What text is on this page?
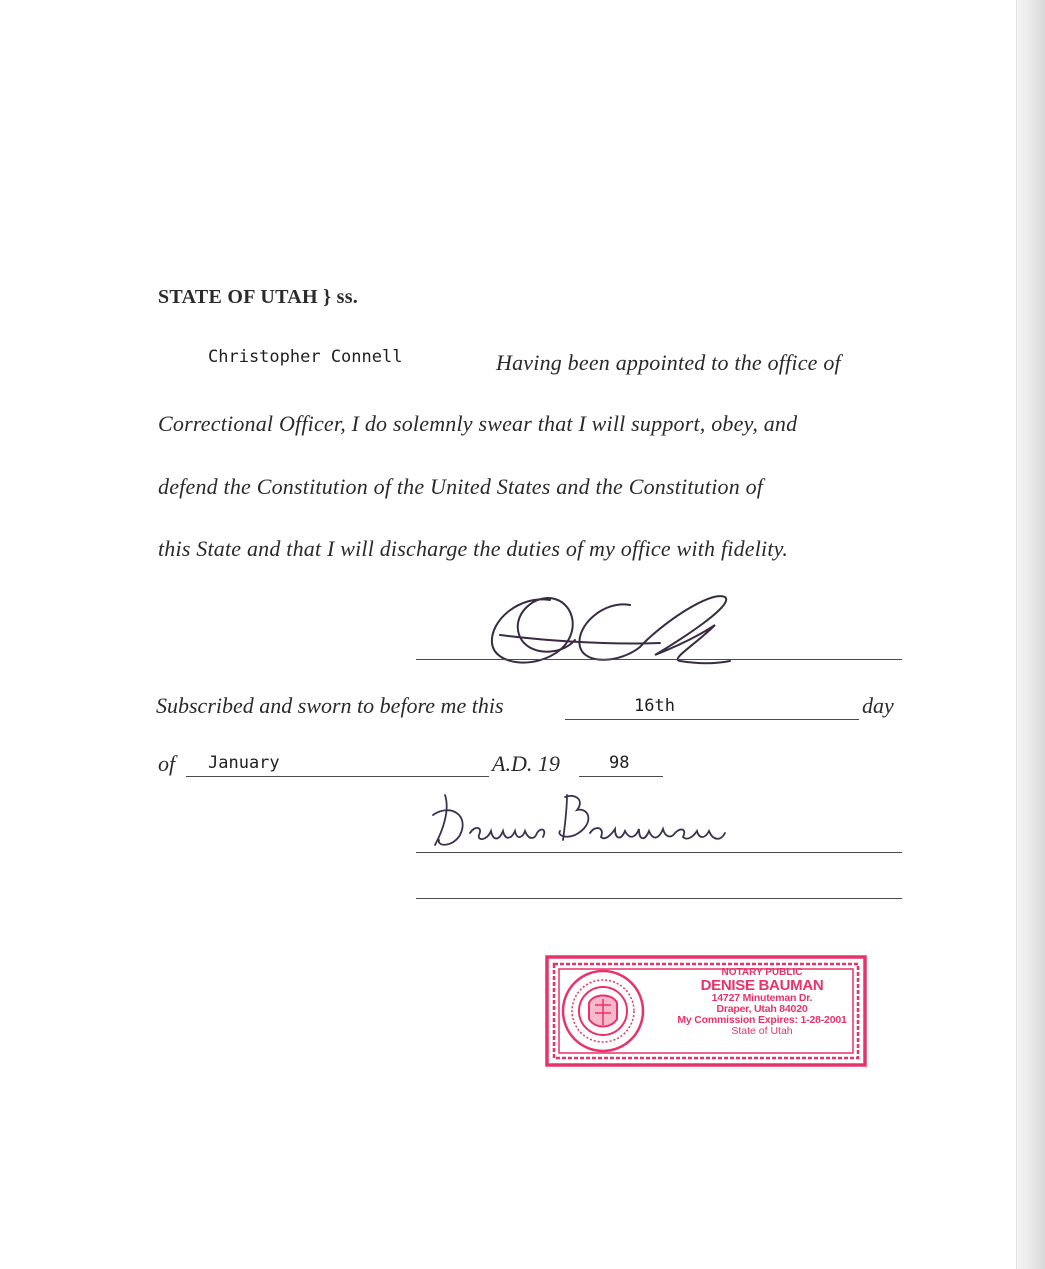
STATE OF UTAH } ss.
Christopher Connell	Having been appointed to the office of
Correctional Officer, I do solemnly swear that I will support, obey, and
defend the Constitution of the United States and the Constitution of
this State and that I will discharge the duties of my office with fidelity.
Subscribed and sworn to before me this	16th	day
of January	A.D. 19	98
NOTARY PUBLIC
DENISE BAUMAN
14727 Minuteman Dr.
Draper, Utah 84020
My Commission Expires: 1-28-2001
State of Utah
